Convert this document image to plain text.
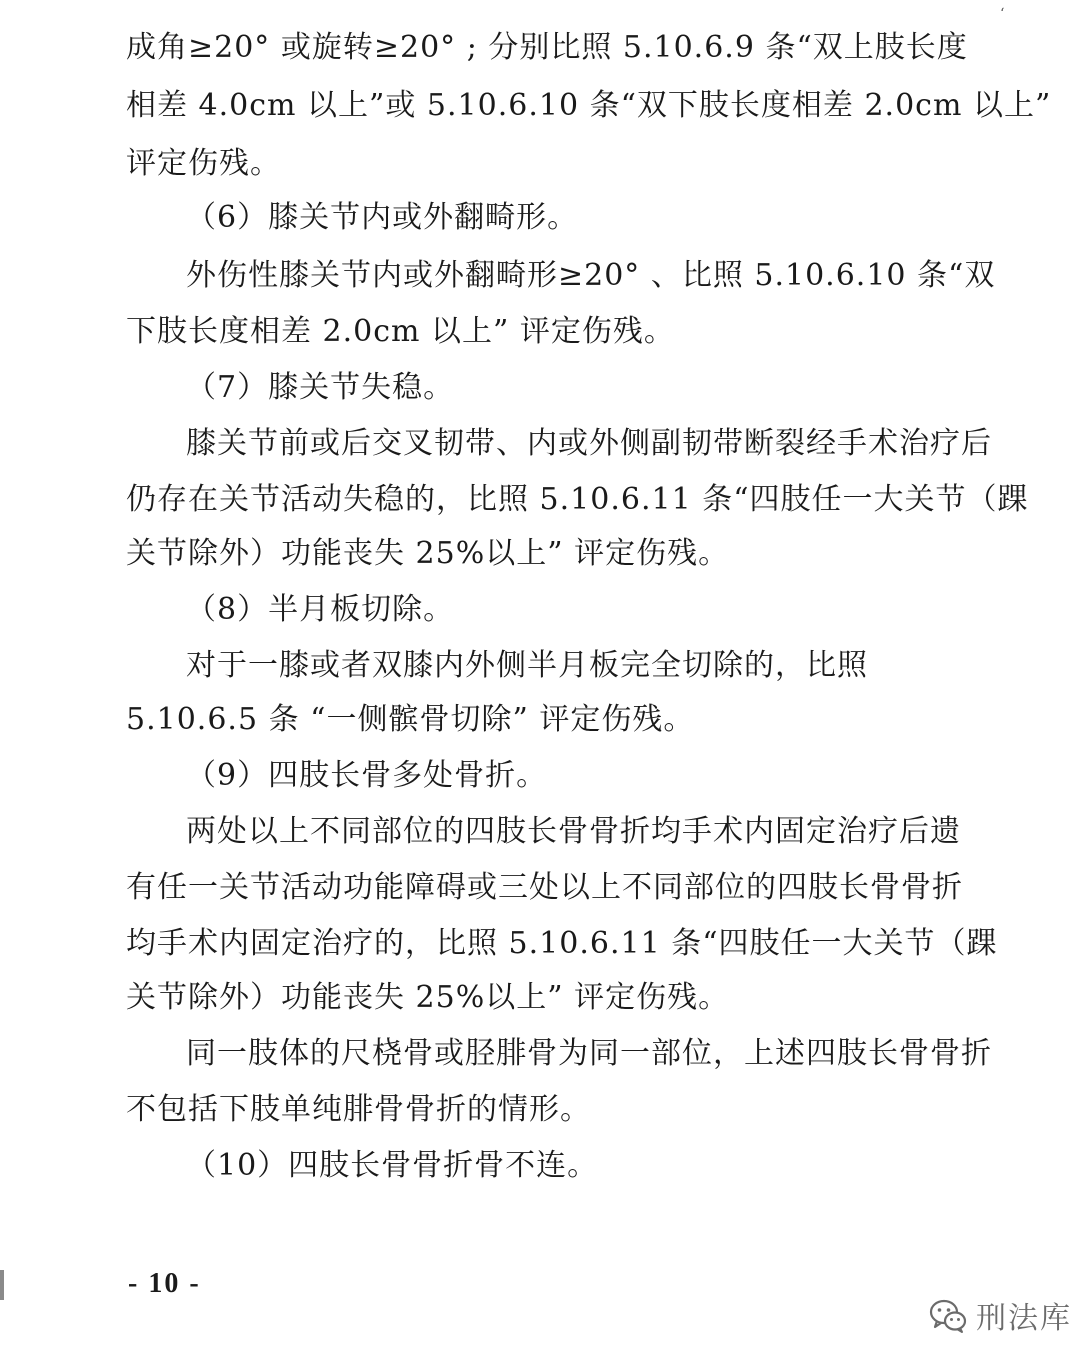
‘
成角≥20° 或旋转≥20° ; 分别比照 5.10.6.9 条“双上肢长度
相差 4.0cm 以上”或 5.10.6.10 条“双下肢长度相差 2.0cm 以上”
评定伤残。
（6）膝关节内或外翻畸形。
外伤性膝关节内或外翻畸形≥20° 、比照 5.10.6.10 条“双
下肢长度相差 2.0cm 以上” 评定伤残。
（7）膝关节失稳。
膝关节前或后交叉韧带、内或外侧副韧带断裂经手术治疗后
仍存在关节活动失稳的，比照 5.10.6.11 条“四肢任一大关节（踝
关节除外）功能丧失 25%以上” 评定伤残。
（8）半月板切除。
对于一膝或者双膝内外侧半月板完全切除的，比照
5.10.6.5 条 “一侧髌骨切除” 评定伤残。
（9）四肢长骨多处骨折。
两处以上不同部位的四肢长骨骨折均手术内固定治疗后遗
有任一关节活动功能障碍或三处以上不同部位的四肢长骨骨折
均手术内固定治疗的，比照 5.10.6.11 条“四肢任一大关节（踝
关节除外）功能丧失 25%以上” 评定伤残。
同一肢体的尺桡骨或胫腓骨为同一部位，上述四肢长骨骨折
不包括下肢单纯腓骨骨折的情形。
（10）四肢长骨骨折骨不连。
- 10 -
刑法库
